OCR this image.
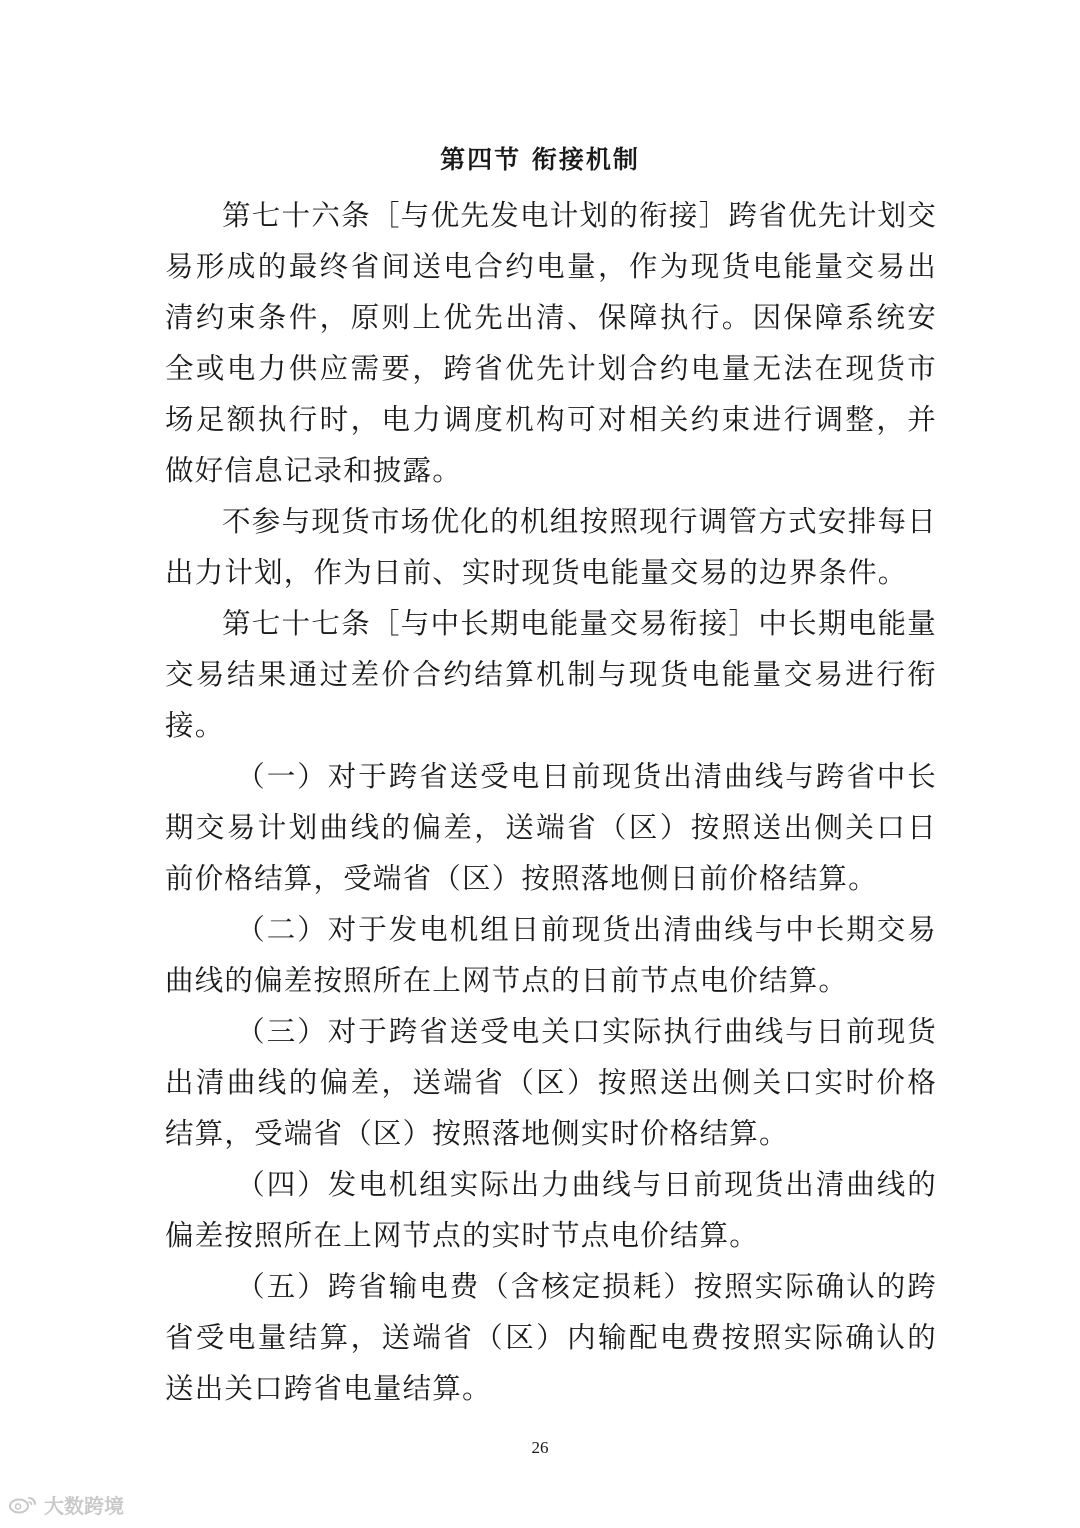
第四节 衔接机制

第七十六条［与优先发电计划的衔接］跨省优先计划交易形成的最终省间送电合约电量，作为现货电能量交易出清约束条件，原则上优先出清、保障执行。因保障系统安全或电力供应需要，跨省优先计划合约电量无法在现货市场足额执行时，电力调度机构可对相关约束进行调整，并做好信息记录和披露。

不参与现货市场优化的机组按照现行调管方式安排每日出力计划，作为日前、实时现货电能量交易的边界条件。

第七十七条［与中长期电能量交易衔接］中长期电能量交易结果通过差价合约结算机制与现货电能量交易进行衔接。

（一）对于跨省送受电日前现货出清曲线与跨省中长期交易计划曲线的偏差，送端省（区）按照送出侧关口日前价格结算，受端省（区）按照落地侧日前价格结算。

（二）对于发电机组日前现货出清曲线与中长期交易曲线的偏差按照所在上网节点的日前节点电价结算。

（三）对于跨省送受电关口实际执行曲线与日前现货出清曲线的偏差，送端省（区）按照送出侧关口实时价格结算，受端省（区）按照落地侧实时价格结算。

（四）发电机组实际出力曲线与日前现货出清曲线的偏差按照所在上网节点的实时节点电价结算。

（五）跨省输电费（含核定损耗）按照实际确认的跨省受电量结算，送端省（区）内输配电费按照实际确认的送出关口跨省电量结算。

26
大数跨境
